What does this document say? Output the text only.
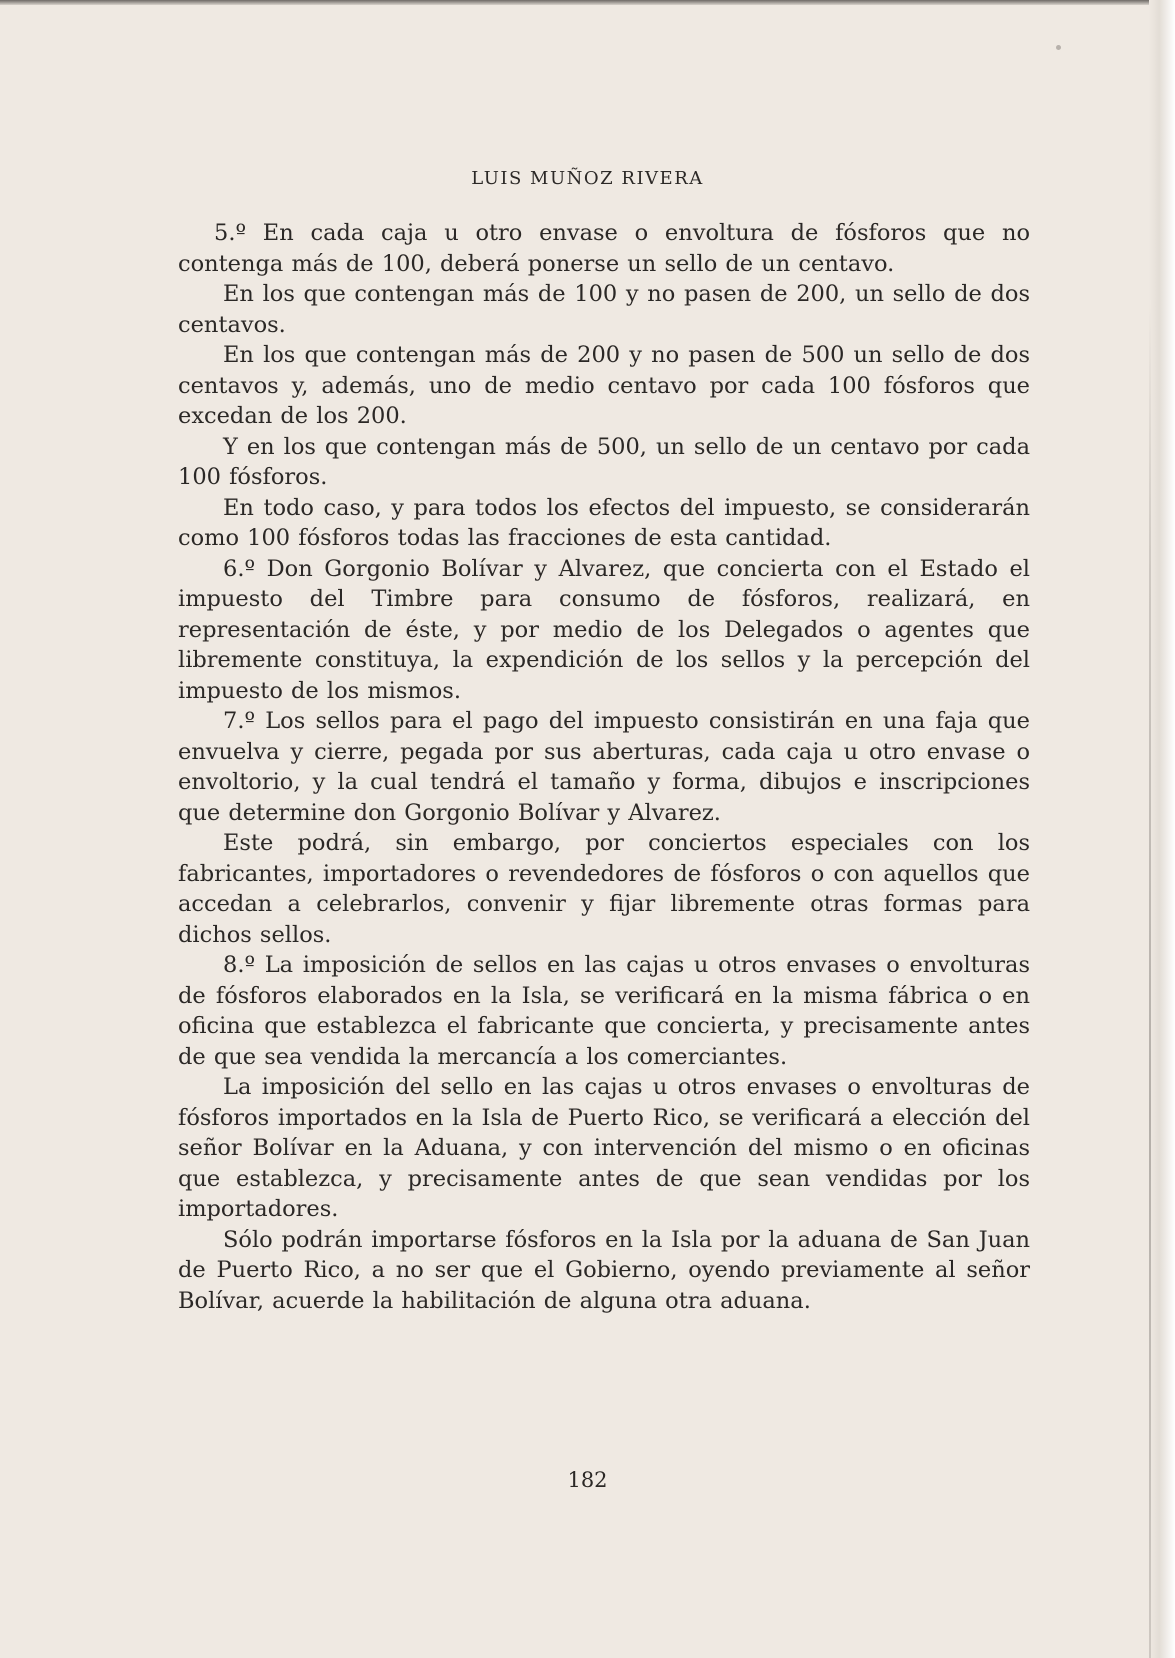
LUIS MUÑOZ RIVERA

5.º En cada caja u otro envase o envoltura de fósforos que no contenga más de 100, deberá ponerse un sello de un centavo.

En los que contengan más de 100 y no pasen de 200, un sello de dos centavos.

En los que contengan más de 200 y no pasen de 500 un sello de dos centavos y, además, uno de medio centavo por cada 100 fósforos que excedan de los 200.

Y en los que contengan más de 500, un sello de un centavo por cada 100 fósforos.

En todo caso, y para todos los efectos del impuesto, se considerarán como 100 fósforos todas las fracciones de esta cantidad.

6.º Don Gorgonio Bolívar y Alvarez, que concierta con el Estado el impuesto del Timbre para consumo de fósforos, realizará, en representación de éste, y por medio de los Delegados o agentes que libremente constituya, la expendición de los sellos y la percepción del impuesto de los mismos.

7.º Los sellos para el pago del impuesto consistirán en una faja que envuelva y cierre, pegada por sus aberturas, cada caja u otro envase o envoltorio, y la cual tendrá el tamaño y forma, dibujos e inscripciones que determine don Gorgonio Bolívar y Alvarez.

Este podrá, sin embargo, por conciertos especiales con los fabricantes, importadores o revendedores de fósforos o con aquellos que accedan a celebrarlos, convenir y fijar libremente otras formas para dichos sellos.

8.º La imposición de sellos en las cajas u otros envases o envolturas de fósforos elaborados en la Isla, se verificará en la misma fábrica o en oficina que establezca el fabricante que concierta, y precisamente antes de que sea vendida la mercancía a los comerciantes.

La imposición del sello en las cajas u otros envases o envolturas de fósforos importados en la Isla de Puerto Rico, se verificará a elección del señor Bolívar en la Aduana, y con intervención del mismo o en oficinas que establezca, y precisamente antes de que sean vendidas por los importadores.

Sólo podrán importarse fósforos en la Isla por la aduana de San Juan de Puerto Rico, a no ser que el Gobierno, oyendo previamente al señor Bolívar, acuerde la habilitación de alguna otra aduana.

182
